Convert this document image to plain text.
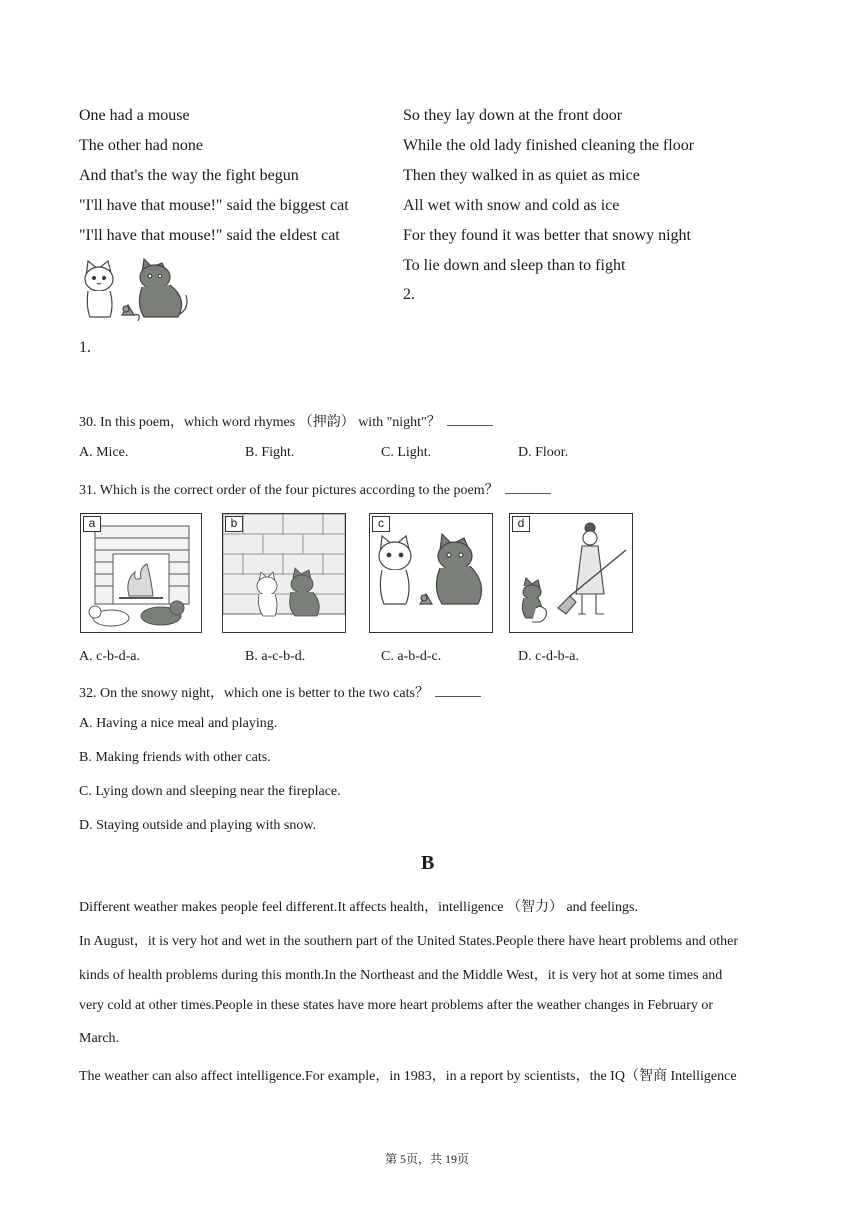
One had a mouse
The other had none
And that's the way the fight begun
"I'll have that mouse!" said the biggest cat
"I'll have that mouse!" said the eldest cat
So they lay down at the front door
While the old lady finished cleaning the floor
Then they walked in as quiet as mice
All wet with snow and cold as ice
For they found it was better that snowy night
To lie down and sleep than to fight
2.
1.
30. In this poem，which word rhymes （押韵） with "night"？
A. Mice.	B. Fight.	C. Light.	D. Floor.
31. Which is the correct order of the four pictures according to the poem？
a	b	c	d
A. c-b-d-a.	B. a-c-b-d.	C. a-b-d-c.	D. c-d-b-a.
32. On the snowy night，which one is better to the two cats？
A. Having a nice meal and playing.
B. Making friends with other cats.
C. Lying down and sleeping near the fireplace.
D. Staying outside and playing with snow.
B
Different weather makes people feel different.It affects health，intelligence （智力） and feelings.
In August，it is very hot and wet in the southern part of the United States.People there have heart problems and other
kinds of health problems during this month.In the Northeast and the Middle West，it is very hot at some times and
very cold at other times.People in these states have more heart problems after the weather changes in February or
March.
The weather can also affect intelligence.For example，in 1983，in a report by scientists，the IQ（智商 Intelligence
第 5页，共 19页
